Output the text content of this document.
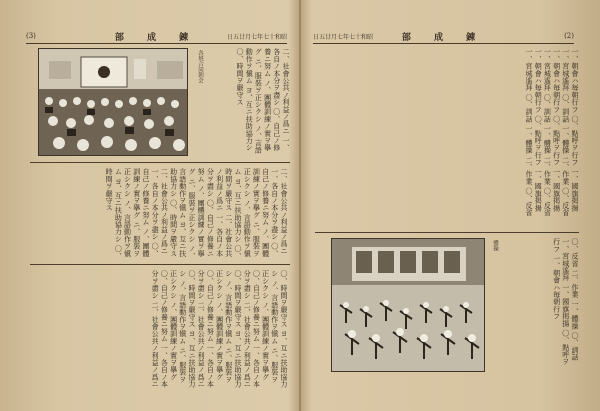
(3)	部 成 錬	日五廿月七年七十和昭
各班合同朝会	二、社會公共ノ利益ノ爲ニ 一、各自ノ本分ヲ盡シ 〇、自己ノ修養ニ努ム ノ、團體訓練ノ實ヲ擧グ ニ、服裝ヲ正シクシ ノ、言語動作ヲ愼ム ヨ、互ニ扶助協力シ 〇、時間ヲ嚴守ス
二、社會公共ノ利益ノ爲ニ 一、各自ノ本分ヲ盡シ 〇、自己ノ修養ニ努ム ノ、團體訓練ノ實ヲ擧グ ニ、服裝ヲ正シクシ ノ、言語動作ヲ愼ム ヨ、互ニ扶助協力シ 〇、時間ヲ嚴守ス 二、社會公共ノ利益ノ爲ニ 一、各自ノ本分ヲ盡シ 〇、自己ノ修養ニ努ム ノ、團體訓練ノ實ヲ擧グ ニ、服裝ヲ正シクシ ノ、言語動作ヲ愼ム ヨ、互ニ扶助協力シ 〇、時間ヲ嚴守ス 二、社會公共ノ利益ノ爲ニ 一、各自ノ本分ヲ盡シ 〇、自己ノ修養ニ努ム ノ、團體訓練ノ實ヲ擧グ ニ、服裝ヲ正シクシ ノ、言語動作ヲ愼ム ヨ、互ニ扶助協力シ 〇、時間ヲ嚴守ス
〇、時間ヲ嚴守ス ヨ、互ニ扶助協力シ ノ、言語動作ヲ愼ム ニ、服裝ヲ正シクシ ノ、團體訓練ノ實ヲ擧グ 〇、自己ノ修養ニ努ム 一、各自ノ本分ヲ盡シ 二、社會公共ノ利益ノ爲ニ 〇、時間ヲ嚴守ス ヨ、互ニ扶助協力シ ノ、言語動作ヲ愼ム ニ、服裝ヲ正シクシ ノ、團體訓練ノ實ヲ擧グ 〇、自己ノ修養ニ努ム 一、各自ノ本分ヲ盡シ 二、社會公共ノ利益ノ爲ニ 〇、時間ヲ嚴守ス ヨ、互ニ扶助協力シ ノ、言語動作ヲ愼ム ニ、服裝ヲ正シクシ ノ、團體訓練ノ實ヲ擧グ 〇、自己ノ修養ニ努ム 一、各自ノ本分ヲ盡シ 二、社會公共ノ利益ノ爲ニ
(2)
部 成 錬
日五廿月七年七十和昭
一、朝會ハ毎朝行フ 〇、點呼ヲ行フ 一、國旗掲揚 一、宮城遙拜 〇、訓話 一、體操 二、作業 〇、反省 一、朝會ハ毎朝行フ 〇、點呼ヲ行フ 一、國旗掲揚 一、宮城遙拜 〇、訓話 一、體操 二、作業 〇、反省 一、朝會ハ毎朝行フ 〇、點呼ヲ行フ 一、國旗掲揚 一、宮城遙拜 〇、訓話 一、體操 二、作業 〇、反省
體操	〇、反省 二、作業 一、體操 〇、訓話 一、宮城遙拜 一、國旗掲揚 〇、點呼ヲ行フ 一、朝會ハ毎朝行フ
